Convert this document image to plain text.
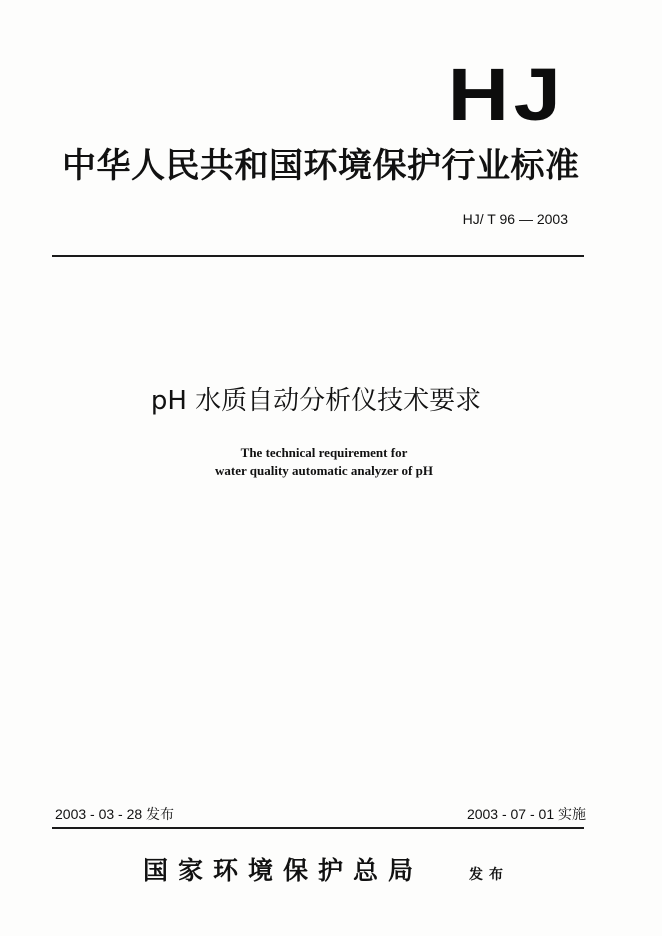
HJ
中华人民共和国环境保护行业标准
HJ/ T 96 — 2003
pH 水质自动分析仪技术要求
The technical requirement for
water quality automatic analyzer of pH
2003 - 03 - 28 发布	2003 - 07 - 01 实施
国家环境保护总局	发布
